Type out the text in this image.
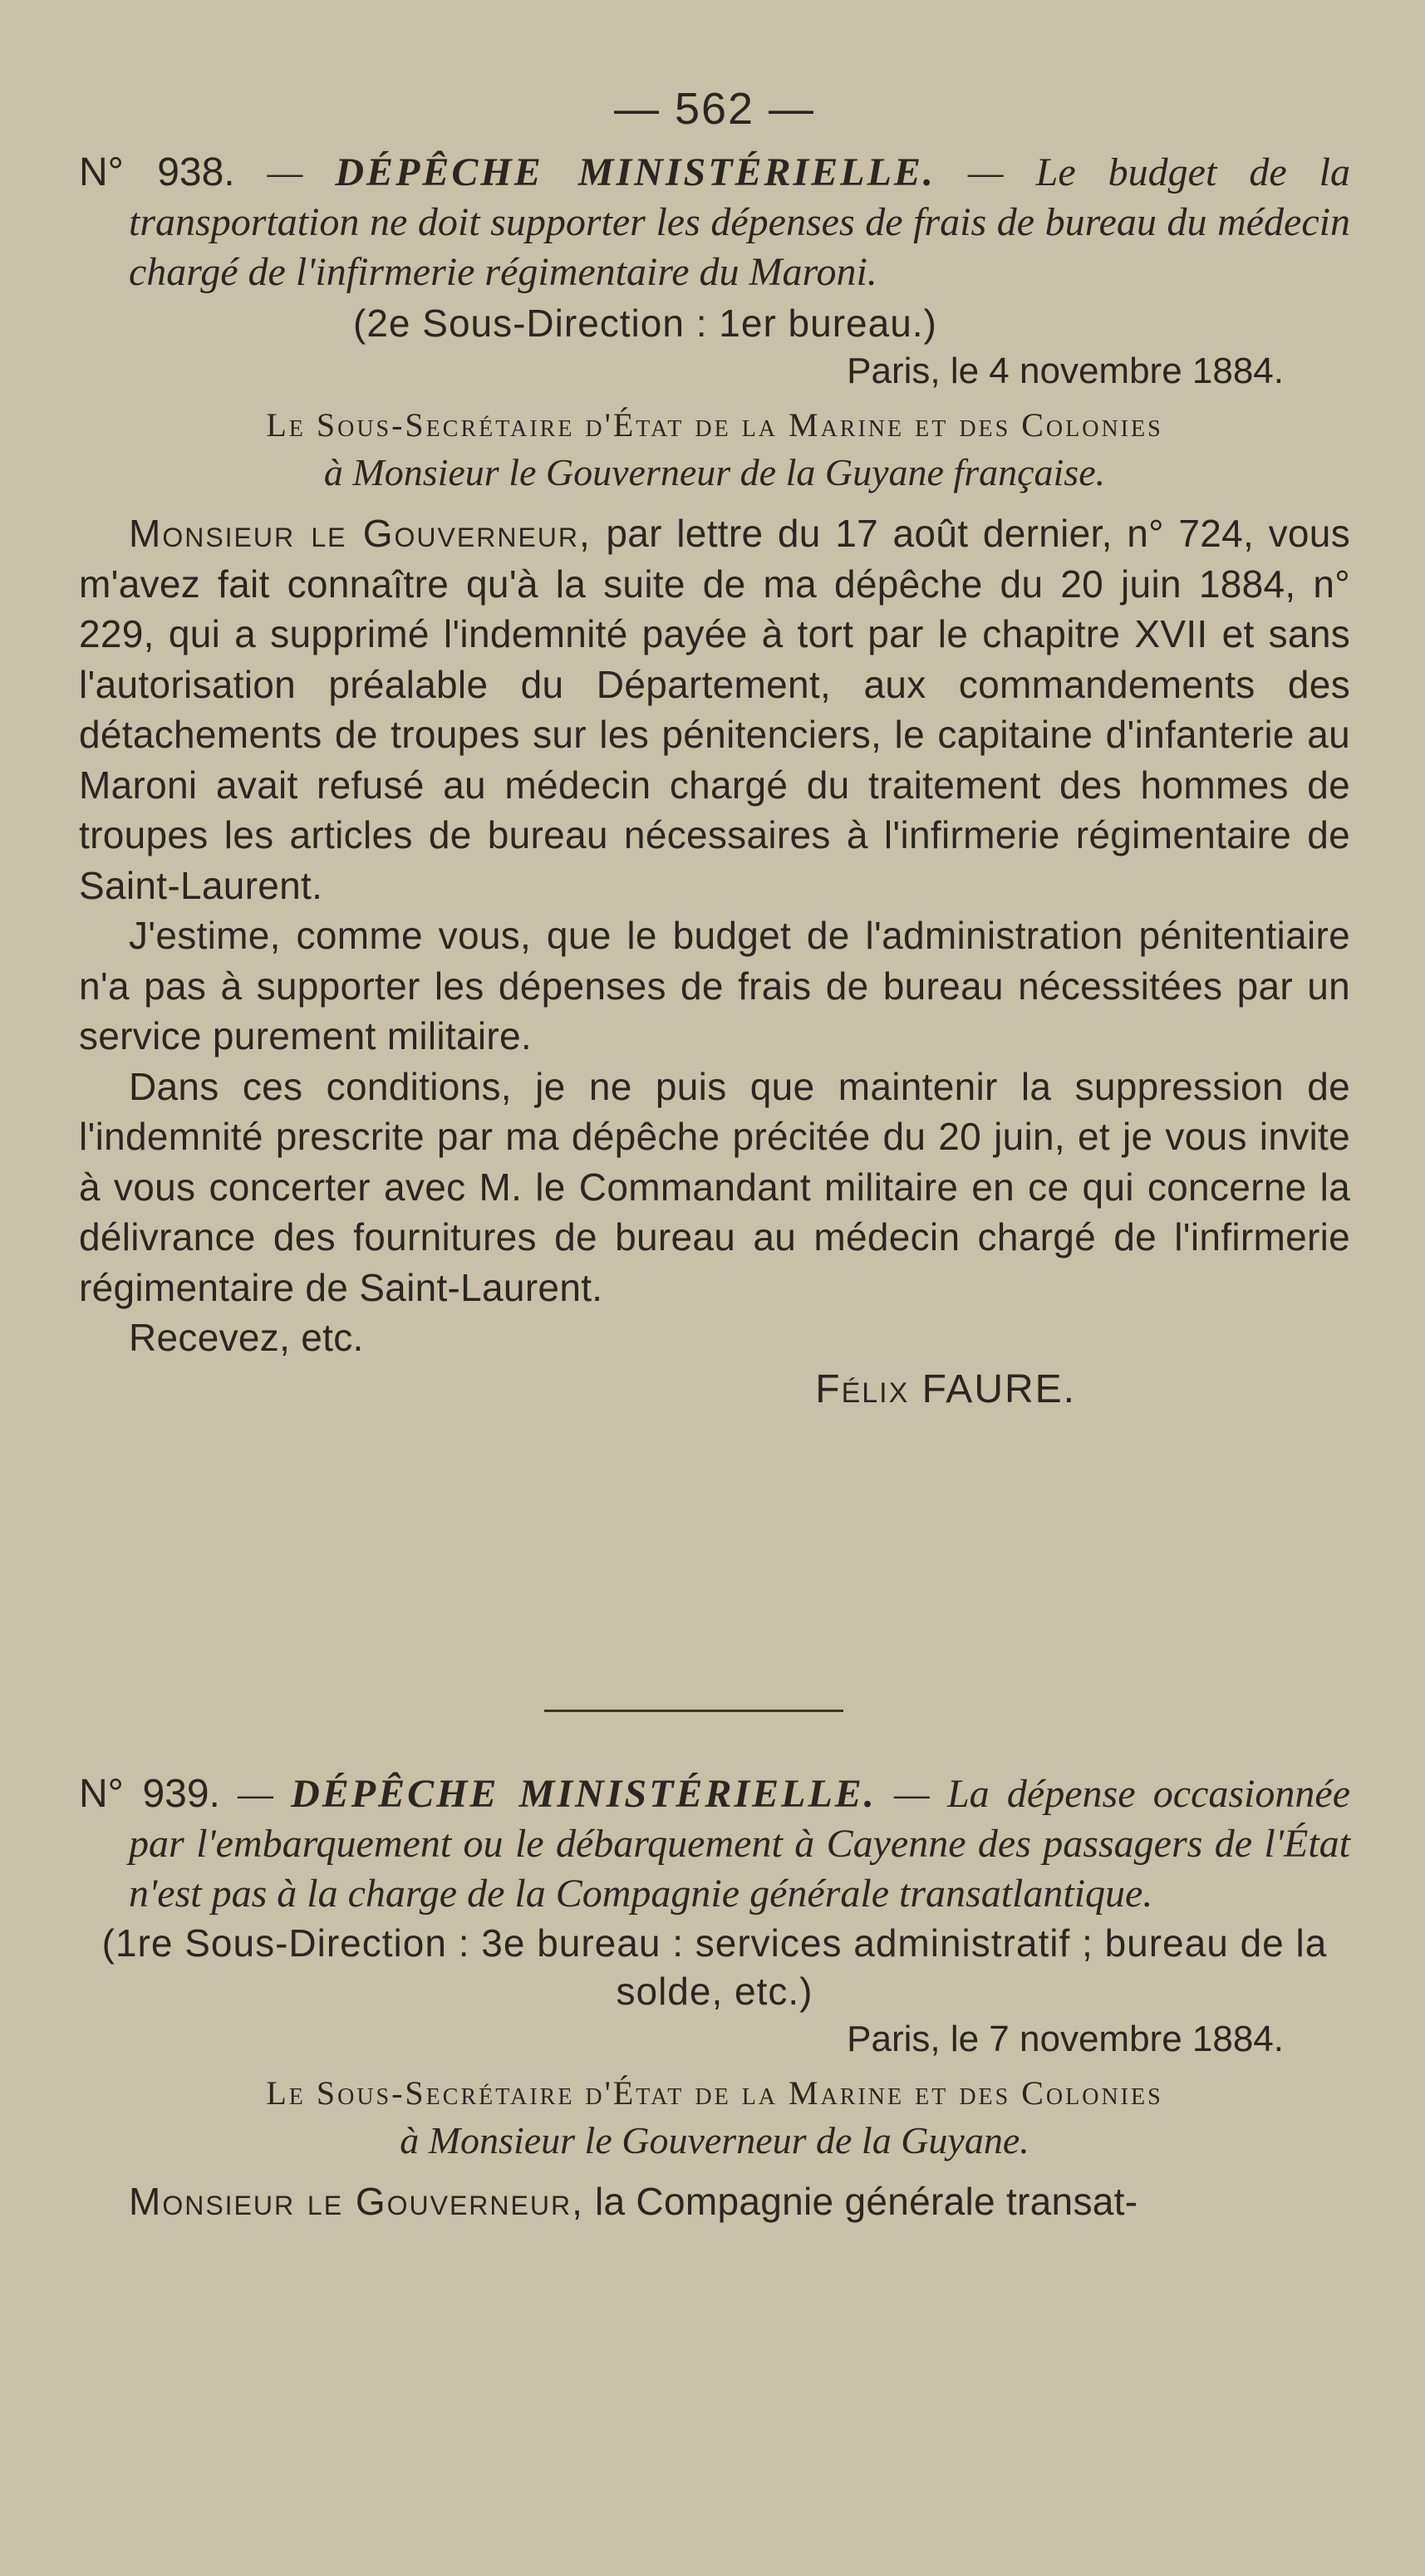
— 562 —
N° 938. — DÉPÊCHE MINISTÉRIELLE. — Le budget de la transportation ne doit supporter les dépenses de frais de bureau du médecin chargé de l'infirmerie régimentaire du Maroni.
(2e Sous-Direction : 1er bureau.)
Paris, le 4 novembre 1884.
Le Sous-Secrétaire d'État de la Marine et des Colonies
à Monsieur le Gouverneur de la Guyane française.

Monsieur le Gouverneur, par lettre du 17 août dernier, n° 724, vous m'avez fait connaître qu'à la suite de ma dépêche du 20 juin 1884, n° 229, qui a supprimé l'indemnité payée à tort par le chapitre XVII et sans l'autorisation préalable du Département, aux commandements des détachements de troupes sur les pénitenciers, le capitaine d'infanterie au Maroni avait refusé au médecin chargé du traitement des hommes de troupes les articles de bureau nécessaires à l'infirmerie régimentaire de Saint-Laurent.

J'estime, comme vous, que le budget de l'administration pénitentiaire n'a pas à supporter les dépenses de frais de bureau nécessitées par un service purement militaire.

Dans ces conditions, je ne puis que maintenir la suppression de l'indemnité prescrite par ma dépêche précitée du 20 juin, et je vous invite à vous concerter avec M. le Commandant militaire en ce qui concerne la délivrance des fournitures de bureau au médecin chargé de l'infirmerie régimentaire de Saint-Laurent.

Recevez, etc.

Félix FAURE.
N° 939. — DÉPÊCHE MINISTÉRIELLE. — La dépense occasionnée par l'embarquement ou le débarquement à Cayenne des passagers de l'État n'est pas à la charge de la Compagnie générale transatlantique.
(1re Sous-Direction : 3e bureau : services administratif ; bureau de la solde, etc.)
Paris, le 7 novembre 1884.
Le Sous-Secrétaire d'État de la Marine et des Colonies
à Monsieur le Gouverneur de la Guyane.

Monsieur le Gouverneur, la Compagnie générale transat-
